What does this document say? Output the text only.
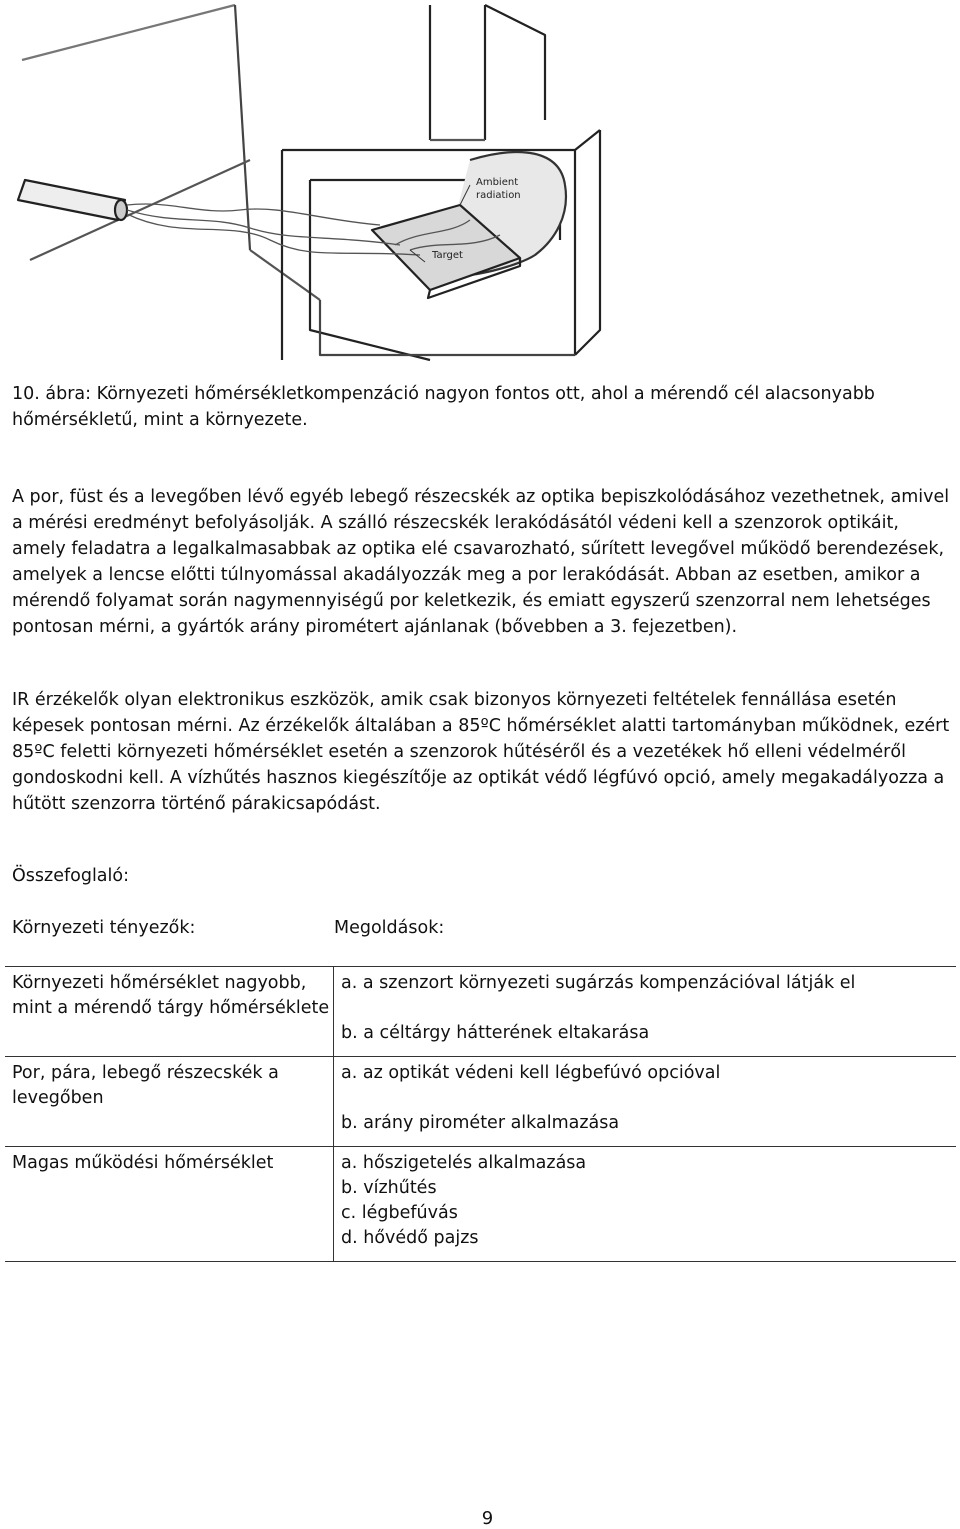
Ambient
radiation
Target

10. ábra: Környezeti hőmérsékletkompenzáció nagyon fontos ott, ahol a mérendő cél alacsonyabb hőmérsékletű, mint a környezete.

A por, füst és a levegőben lévő egyéb lebegő részecskék az optika bepiszkolódásához vezethetnek, amivel a mérési eredményt befolyásolják. A szálló részecskék lerakódásától védeni kell a szenzorok optikáit, amely feladatra a legalkalmasabbak az optika elé csavarozható, sűrített levegővel működő berendezések, amelyek a lencse előtti túlnyomással akadályozzák meg a por lerakódását. Abban az esetben, amikor a mérendő folyamat során nagymennyiségű por keletkezik, és emiatt egyszerű szenzorral nem lehetséges pontosan mérni, a gyártók arány pirométert ajánlanak (bővebben a 3. fejezetben).

IR érzékelők olyan elektronikus eszközök, amik csak bizonyos környezeti feltételek fennállása esetén képesek pontosan mérni. Az érzékelők általában a 85ºC hőmérséklet alatti tartományban működnek, ezért 85ºC feletti környezeti hőmérséklet esetén a szenzorok hűtéséről és a vezetékek hő elleni védelméről gondoskodni kell. A vízhűtés hasznos kiegészítője az optikát védő légfúvó opció, amely megakadályozza a hűtött szenzorra történő párakicsapódást.

Összefoglaló:
Környezeti tényezők:	Megoldások:
Környezeti hőmérséklet nagyobb, mint a mérendő tárgy hőmérséklete
a. a szenzort környezeti sugárzás kompenzációval látják el
b. a céltárgy hátterének eltakarása
Por, pára, lebegő részecskék a levegőben
a. az optikát védeni kell légbefúvó opcióval
b. arány pirométer alkalmazása
Magas működési hőmérséklet	a. hőszigetelés alkalmazása
b. vízhűtés
c. légbefúvás
d. hővédő pajzs
9
